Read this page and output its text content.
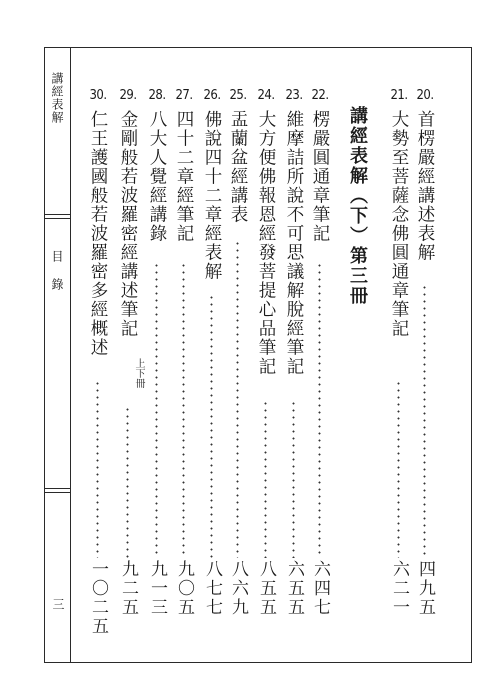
講經表解
目錄
三
20.
首楞嚴經講述表解
四九五
21.
大勢至菩薩念佛圓通章筆記
六二一
講經表解（下）第三冊
22.
楞嚴圓通章筆記
六四七
23.
維摩詰所說不可思議解脫經筆記
六五五
24.
大方便佛報恩經發菩提心品筆記
八五五
25.
盂蘭盆經講表
八六九
26.
佛說四十二章經表解
八七七
27.
四十二章經筆記
九〇五
28.
八大人覺經講錄
九一三
29.
金剛般若波羅密經講述筆記
上下冊
九二五
30.
仁王護國般若波羅密多經概述
一〇二五
